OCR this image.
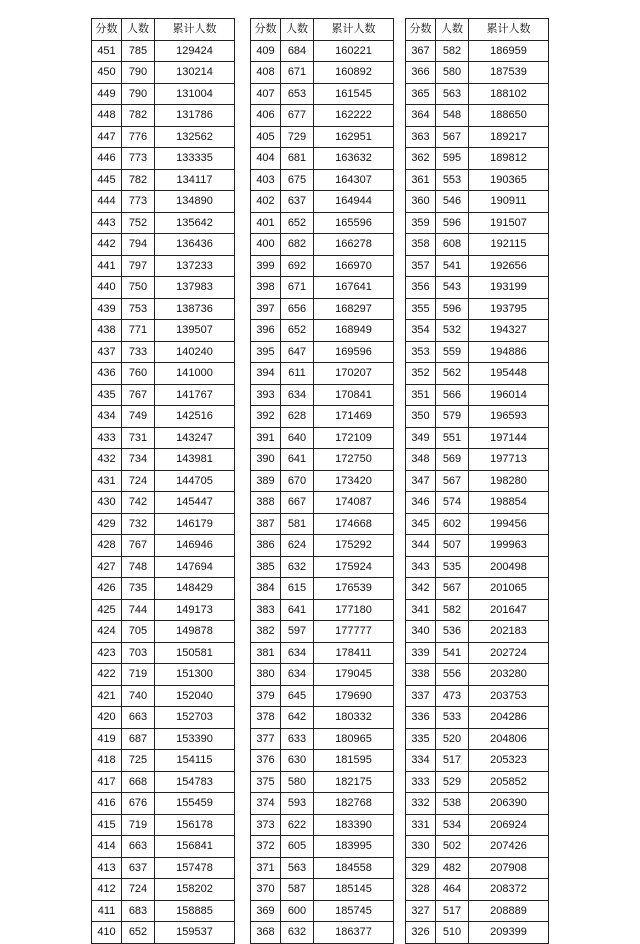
分数	人数	累计人数
451	785	129424
450	790	130214
449	790	131004
448	782	131786
447	776	132562
446	773	133335
445	782	134117
444	773	134890
443	752	135642
442	794	136436
441	797	137233
440	750	137983
439	753	138736
438	771	139507
437	733	140240
436	760	141000
435	767	141767
434	749	142516
433	731	143247
432	734	143981
431	724	144705
430	742	145447
429	732	146179
428	767	146946
427	748	147694
426	735	148429
425	744	149173
424	705	149878
423	703	150581
422	719	151300
421	740	152040
420	663	152703
419	687	153390
418	725	154115
417	668	154783
416	676	155459
415	719	156178
414	663	156841
413	637	157478
412	724	158202
411	683	158885
410	652	159537
分数	人数	累计人数
409	684	160221
408	671	160892
407	653	161545
406	677	162222
405	729	162951
404	681	163632
403	675	164307
402	637	164944
401	652	165596
400	682	166278
399	692	166970
398	671	167641
397	656	168297
396	652	168949
395	647	169596
394	611	170207
393	634	170841
392	628	171469
391	640	172109
390	641	172750
389	670	173420
388	667	174087
387	581	174668
386	624	175292
385	632	175924
384	615	176539
383	641	177180
382	597	177777
381	634	178411
380	634	179045
379	645	179690
378	642	180332
377	633	180965
376	630	181595
375	580	182175
374	593	182768
373	622	183390
372	605	183995
371	563	184558
370	587	185145
369	600	185745
368	632	186377
分数	人数	累计人数
367	582	186959
366	580	187539
365	563	188102
364	548	188650
363	567	189217
362	595	189812
361	553	190365
360	546	190911
359	596	191507
358	608	192115
357	541	192656
356	543	193199
355	596	193795
354	532	194327
353	559	194886
352	562	195448
351	566	196014
350	579	196593
349	551	197144
348	569	197713
347	567	198280
346	574	198854
345	602	199456
344	507	199963
343	535	200498
342	567	201065
341	582	201647
340	536	202183
339	541	202724
338	556	203280
337	473	203753
336	533	204286
335	520	204806
334	517	205323
333	529	205852
332	538	206390
331	534	206924
330	502	207426
329	482	207908
328	464	208372
327	517	208889
326	510	209399
